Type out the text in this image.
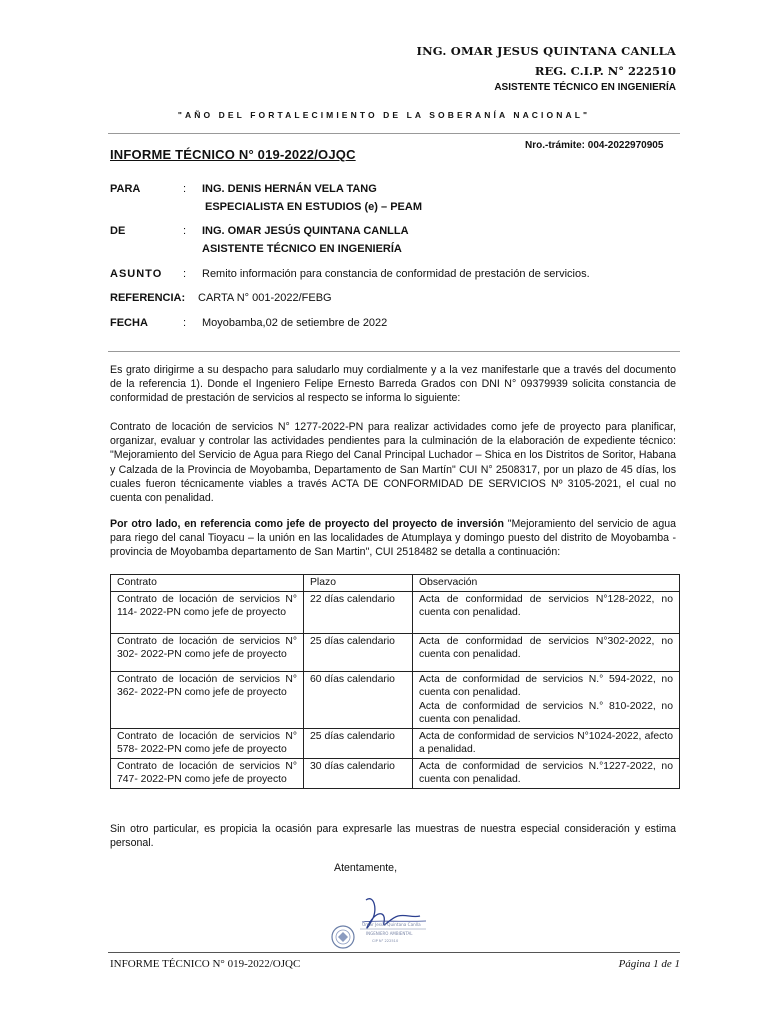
ING. OMAR JESUS QUINTANA CANLLA
REG. C.I.P. N° 222510
ASISTENTE TÉCNICO EN INGENIERÍA
"AÑO DEL FORTALECIMIENTO DE LA SOBERANÍA NACIONAL"
INFORME TÉCNICO N° 019-2022/OJQC
Nro.-trámite: 004-2022970905
PARA	: ING. DENIS HERNÁN VELA TANG
ESPECIALISTA EN ESTUDIOS (e) – PEAM
DE	: ING. OMAR JESÚS QUINTANA CANLLA
ASISTENTE TÉCNICO EN INGENIERÍA
ASUNTO : Remito información para constancia de conformidad de prestación de servicios.
REFERENCIA: CARTA N° 001-2022/FEBG
FECHA	: Moyobamba,02 de setiembre de 2022
Es grato dirigirme a su despacho para saludarlo muy cordialmente y a la vez manifestarle que a través del documento de la referencia 1). Donde el Ingeniero Felipe Ernesto Barreda Grados con DNI N° 09379939 solicita constancia de conformidad de prestación de servicios al respecto se informa lo siguiente:
Contrato de locación de servicios N° 1277-2022-PN para realizar actividades como jefe de proyecto para planificar, organizar, evaluar y controlar las actividades pendientes para la culminación de la elaboración de expediente técnico: "Mejoramiento del Servicio de Agua para Riego del Canal Principal Luchador – Shica en los Distritos de Soritor, Habana y Calzada de la Provincia de Moyobamba, Departamento de San Martín" CUI N° 2508317, por un plazo de 45 días, los cuales fueron técnicamente viables a través ACTA DE CONFORMIDAD DE SERVICIOS Nº 3105-2021, el cual no cuenta con penalidad.
Por otro lado, en referencia como jefe de proyecto del proyecto de inversión "Mejoramiento del servicio de agua para riego del canal Tioyacu – la unión en las localidades de Atumplaya y domingo puesto del distrito de Moyobamba - provincia de Moyobamba departamento de San Martin", CUI 2518482 se detalla a continuación:
Contrato	Plazo	Observación
Contrato de locación de servicios N° 114- 2022-PN como jefe de proyecto	22 días calendario	Acta de conformidad de servicios N°128-2022, no cuenta con penalidad.
Contrato de locación de servicios N° 302- 2022-PN como jefe de proyecto	25 días calendario	Acta de conformidad de servicios N°302-2022, no cuenta con penalidad.
Contrato de locación de servicios N° 362- 2022-PN como jefe de proyecto	60 días calendario	Acta de conformidad de servicios N.° 594-2022, no cuenta con penalidad.
Acta de conformidad de servicios N.° 810-2022, no cuenta con penalidad.

Contrato de locación de servicios N° 578- 2022-PN como jefe de proyecto	25 días calendario	Acta de conformidad de servicios N°1024-2022, afecto a penalidad.
Contrato de locación de servicios N° 747- 2022-PN como jefe de proyecto	30 días calendario	Acta de conformidad de servicios N.°1227-2022, no cuenta con penalidad.
Sin otro particular, es propicia la ocasión para expresarle las muestras de nuestra especial consideración y estima personal.
Atentamente,
Omar Jesús Quintana Canlla
INGENIERO AMBIENTAL
CIP N° 222510
INFORME TÉCNICO N° 019-2022/OJQC	Página 1 de 1
